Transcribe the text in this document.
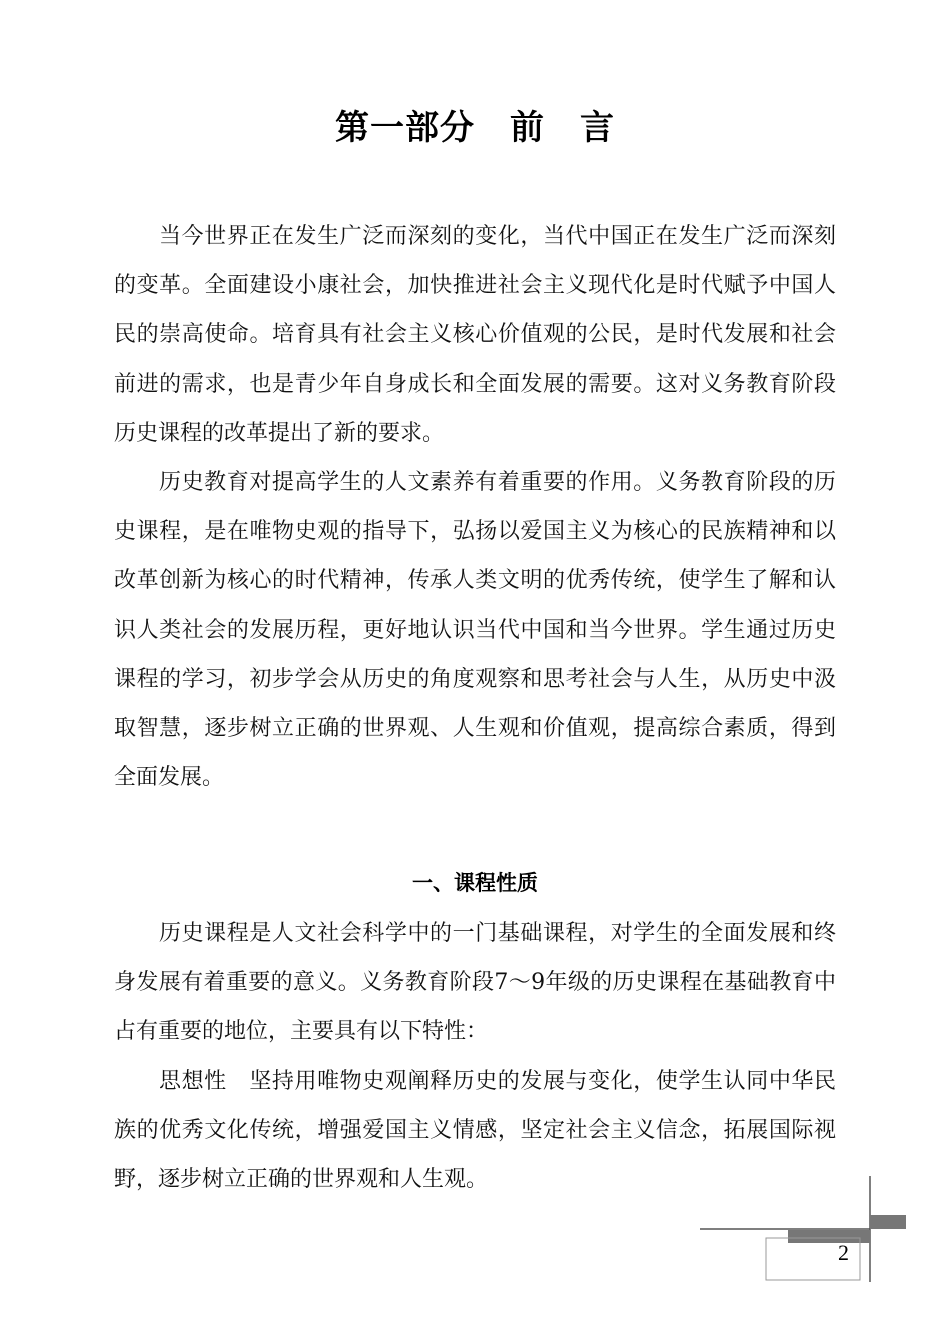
第一部分　前　言

当今世界正在发生广泛而深刻的变化，当代中国正在发生广泛而深刻的变革。全面建设小康社会，加快推进社会主义现代化是时代赋予中国人民的崇高使命。培育具有社会主义核心价值观的公民，是时代发展和社会前进的需求，也是青少年自身成长和全面发展的需要。这对义务教育阶段历史课程的改革提出了新的要求。

历史教育对提高学生的人文素养有着重要的作用。义务教育阶段的历史课程，是在唯物史观的指导下，弘扬以爱国主义为核心的民族精神和以改革创新为核心的时代精神，传承人类文明的优秀传统，使学生了解和认识人类社会的发展历程，更好地认识当代中国和当今世界。学生通过历史课程的学习，初步学会从历史的角度观察和思考社会与人生，从历史中汲取智慧，逐步树立正确的世界观、人生观和价值观，提高综合素质，得到全面发展。

一、课程性质

历史课程是人文社会科学中的一门基础课程，对学生的全面发展和终身发展有着重要的意义。义务教育阶段7～9年级的历史课程在基础教育中占有重要的地位，主要具有以下特性：

思想性　坚持用唯物史观阐释历史的发展与变化，使学生认同中华民族的优秀文化传统，增强爱国主义情感，坚定社会主义信念，拓展国际视野，逐步树立正确的世界观和人生观。

2
